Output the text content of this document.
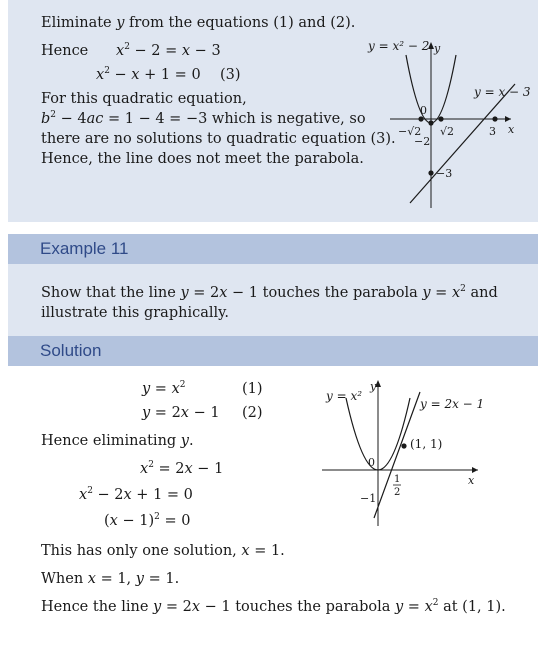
Eliminate y from the equations (1) and (2).
Hence $x^2 - 2 = x - 3$
$x^2 - x + 1 = 0$ (3)
For this quadratic equation,
$b^2 - 4ac = 1 - 4 = -3$ which is negative, so
there are no solutions to quadratic equation (3).
Hence, the line does not meet the parabola.
y = x² − 2
y = x − 3
y
x
0
−√2 √2	3
−2
−3
Example 11
Show that the line y = 2x − 1 touches the parabola $y = x^2$ and
illustrate this graphically.
Solution
$y = x^2$	(1)
y = 2x − 1 (2)
Hence eliminating y.
$x^2 = 2x - 1$
$x^2 - 2x + 1 = 0$
$(x - 1)^2 = 0$
This has only one solution, x = 1.
When x = 1, y = 1.
Hence the line y = 2x − 1 touches the parabola $y = x^2$ at (1, 1).
y = x²
y = 2x − 1
y
x
0
−1
1
2
(1, 1)
